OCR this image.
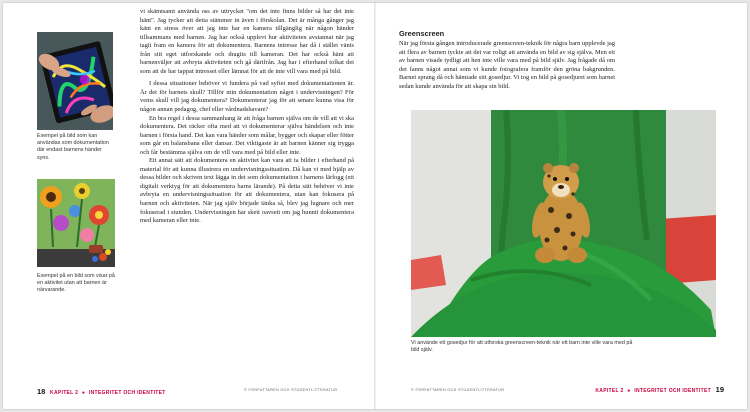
Exempel på bild som kan användas som dokumentation där endast barnens händer syns.
Exempel på en bild som visar på en aktivitet utan att barnen är närvarande.

vi skämtsamt använda oss av uttrycket "om det inte finns bilder så har det inte hänt". Jag tycker att detta stämmer in även i förskolan. Det är många gånger jag känt en stress över att jag inte har en kamera tillgänglig när någon händer tillsammans med barnen. Jag har också upplevt hur aktiviteten avstannat när jag tagit fram en kamera för att dokumentera. Barnens intresse har då i stället vänts från sitt eget utforskande och dragits till kameran. Det har också hänt att barnenväljer att avbryta aktiviteten och gå därifrån. Jag har i efterhand tolkat det som att de har tappat intresset eller lämnat för att de inte vill vara med på bild.

I dessa situationer behöver vi fundera på vad syftet med dokumentationen är. Är det för barnets skull? Tillför min dokumentation något i undervisningen? För vems skull vill jag dokumentera? Dokumenterar jag för att senare kunna visa för någon annan pedagog, chef eller vårdnadshavare?

En bra regel i dessa sammanhang är att fråga barnen själva om de vill att vi ska dokumentera. Det räcker ofta med att vi dokumenterar själva händelsen och inte barnen i första hand. Det kan vara händer som målar, bygger och skapar eller fötter som går en balansbana eller dansar. Det viktigaste är att barnen känner sig trygga och får bestämma själva om de vill vara med på bild eller inte.

Ett annat sätt att dokumentera en aktivitet kan vara att ta bilder i efterhand på material för att kunna illustrera en undervisningssituation. Då kan vi med hjälp av dessa bilder och skriven text lägga in det som dokumentation i barnens lärlogg (ett digitalt verktyg för att dokumentera barns lärande). På detta sätt behöver vi inte avbryta en undervisningssituation för att dokumentera, utan kan fokusera på barnen och aktiviteten. När jag själv började tänka så, blev jag lugnare och mer fokuserad i stunden. Undervisningen har skett oavsett om jag hunnit dokumentera med kameran eller inte.

18 KAPITEL 2 ● INTEGRITET OCH IDENTITET	© FÖRFATTAREN OCH STUDENTLITTERATUR
Greenscreen

När jag första gången introducerade greenscreen-teknik för några barn upplevde jag att flera av barnen tyckte att det var roligt att använda en bild av sig själva. Men ett av barnen visade tydligt att hen inte ville vara med på bild själv. Jag frågade då om det fanns något annat som vi kunde fotografera framför den gröna bakgrunden. Barnet sprang då och hämtade sitt gosedjur. Vi tog en bild på gosedjuret som barnet sedan kunde använda för att skapa sin bild.

Vi använde ett gosedjur för att utforska greenscreen-teknik när ett barn inte ville vara med på bild själv.
© FÖRFATTAREN OCH STUDENTLITTERATUR	KAPITEL 2 ● INTEGRITET OCH IDENTITET 19
